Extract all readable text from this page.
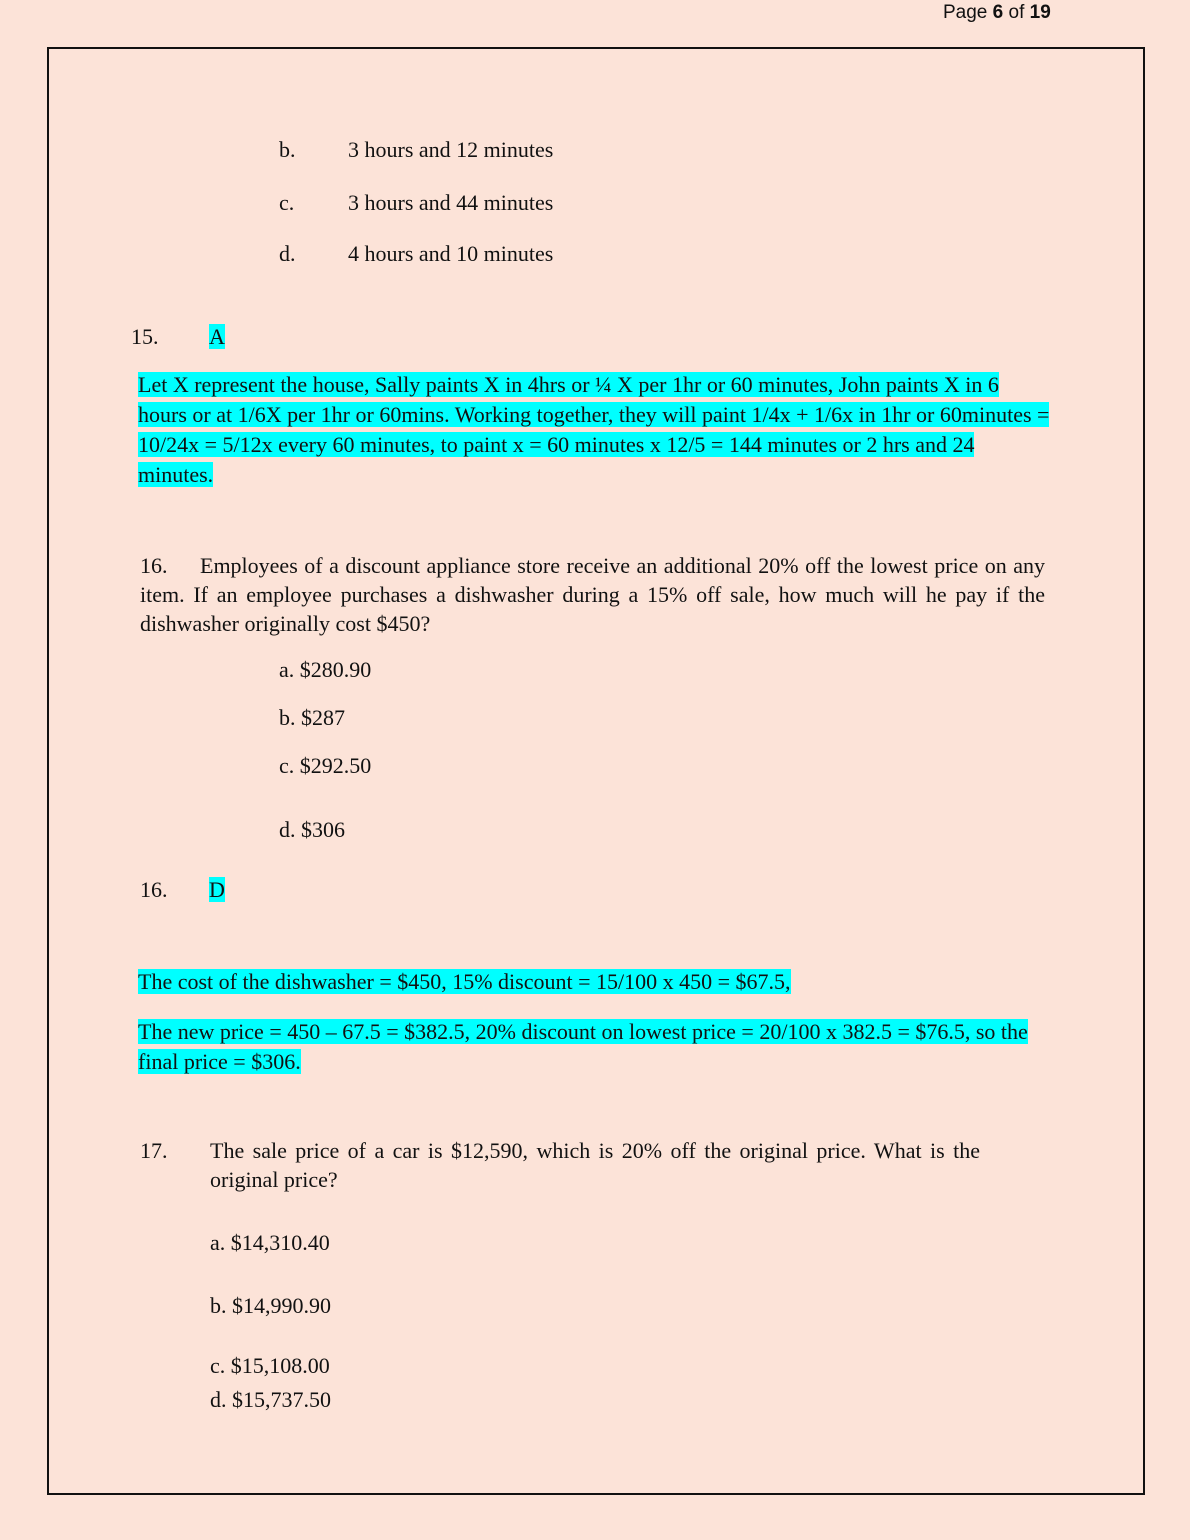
Page 6 of 19
b. 3 hours and 12 minutes
c. 3 hours and 44 minutes
d. 4 hours and 10 minutes
15. A
Let X represent the house, Sally paints X in 4hrs or ¼ X per 1hr or 60 minutes, John paints X in 6 hours or at 1/6X per 1hr or 60mins. Working together, they will paint 1/4x + 1/6x in 1hr or 60minutes = 10/24x = 5/12x every 60 minutes, to paint x = 60 minutes x 12/5 = 144 minutes or 2 hrs and 24 minutes.
16.	Employees of a discount appliance store receive an additional 20% off the lowest price on any item. If an employee purchases a dishwasher during a 15% off sale, how much will he pay if the dishwasher originally cost $450?
a. $280.90
b. $287
c. $292.50
d. $306
16. D
The cost of the dishwasher = $450, 15% discount = 15/100 x 450 = $67.5,
The new price = 450 – 67.5 = $382.5, 20% discount on lowest price = 20/100 x 382.5 = $76.5, so the final price = $306.
17. The sale price of a car is $12,590, which is 20% off the original price. What is the original price?
a. $14,310.40
b. $14,990.90
c. $15,108.00
d. $15,737.50
